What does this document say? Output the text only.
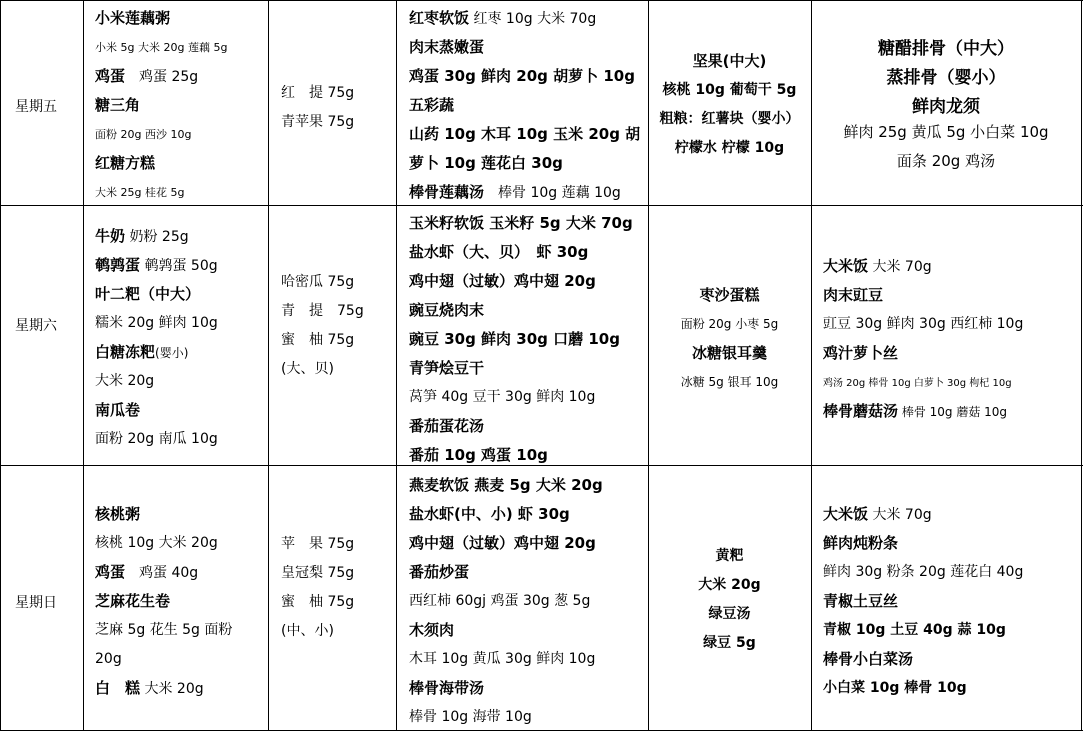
星期五
小米莲藕粥
小米 5g 大米 20g 莲藕 5g
鸡蛋　鸡蛋 25g
糖三角
面粉 20g 西沙 10g
红糖方糕
大米 25g 桂花 5g
红　提 75g
青苹果 75g
红枣软饭 红枣 10g 大米 70g
肉末蒸嫩蛋
鸡蛋 30g 鲜肉 20g 胡萝卜 10g
五彩蔬
山药 10g 木耳 10g 玉米 20g 胡
萝卜 10g 莲花白 30g
棒骨莲藕汤　棒骨 10g 莲藕 10g
坚果(中大)
核桃 10g 葡萄干 5g
粗粮：红薯块（婴小）
柠檬水 柠檬 10g
糖醋排骨（中大）
蒸排骨（婴小）
鲜肉龙须
鲜肉 25g 黄瓜 5g 小白菜 10g
面条 20g 鸡汤
星期六
牛奶 奶粉 25g
鹌鹑蛋 鹌鹑蛋 50g
叶二粑（中大）
糯米 20g 鲜肉 10g
白糖冻粑(婴小)
大米 20g
南瓜卷
面粉 20g 南瓜 10g
哈密瓜 75g
青　提　75g
蜜　柚 75g
(大、贝)
玉米籽软饭 玉米籽 5g 大米 70g
盐水虾（大、贝）　虾 30g
鸡中翅（过敏）鸡中翅 20g
豌豆烧肉末
豌豆 30g 鲜肉 30g 口蘑 10g
青笋烩豆干
莴笋 40g 豆干 30g 鲜肉 10g
番茄蛋花汤
番茄 10g 鸡蛋 10g
枣沙蛋糕
面粉 20g 小枣 5g
冰糖银耳羹
冰糖 5g 银耳 10g
大米饭 大米 70g
肉末豇豆
豇豆 30g 鲜肉 30g 西红柿 10g
鸡汁萝卜丝
鸡汤 20g 棒骨 10g 白萝卜 30g 枸杞 10g
棒骨蘑菇汤 棒骨 10g 蘑菇 10g
星期日
核桃粥
核桃 10g 大米 20g
鸡蛋　鸡蛋 40g
芝麻花生卷
芝麻 5g 花生 5g 面粉
20g
白　糕 大米 20g
苹　果 75g
皇冠梨 75g
蜜　柚 75g
(中、小)
燕麦软饭 燕麦 5g 大米 20g
盐水虾(中、小) 虾 30g
鸡中翅（过敏）鸡中翅 20g
番茄炒蛋
西红柿 60gj 鸡蛋 30g 葱 5g
木须肉
木耳 10g 黄瓜 30g 鲜肉 10g
棒骨海带汤
棒骨 10g 海带 10g
黄粑
大米 20g
绿豆汤
绿豆 5g
大米饭 大米 70g
鲜肉炖粉条
鲜肉 30g 粉条 20g 莲花白 40g
青椒土豆丝
青椒 10g 土豆 40g 蒜 10g
棒骨小白菜汤
小白菜 10g 棒骨 10g
